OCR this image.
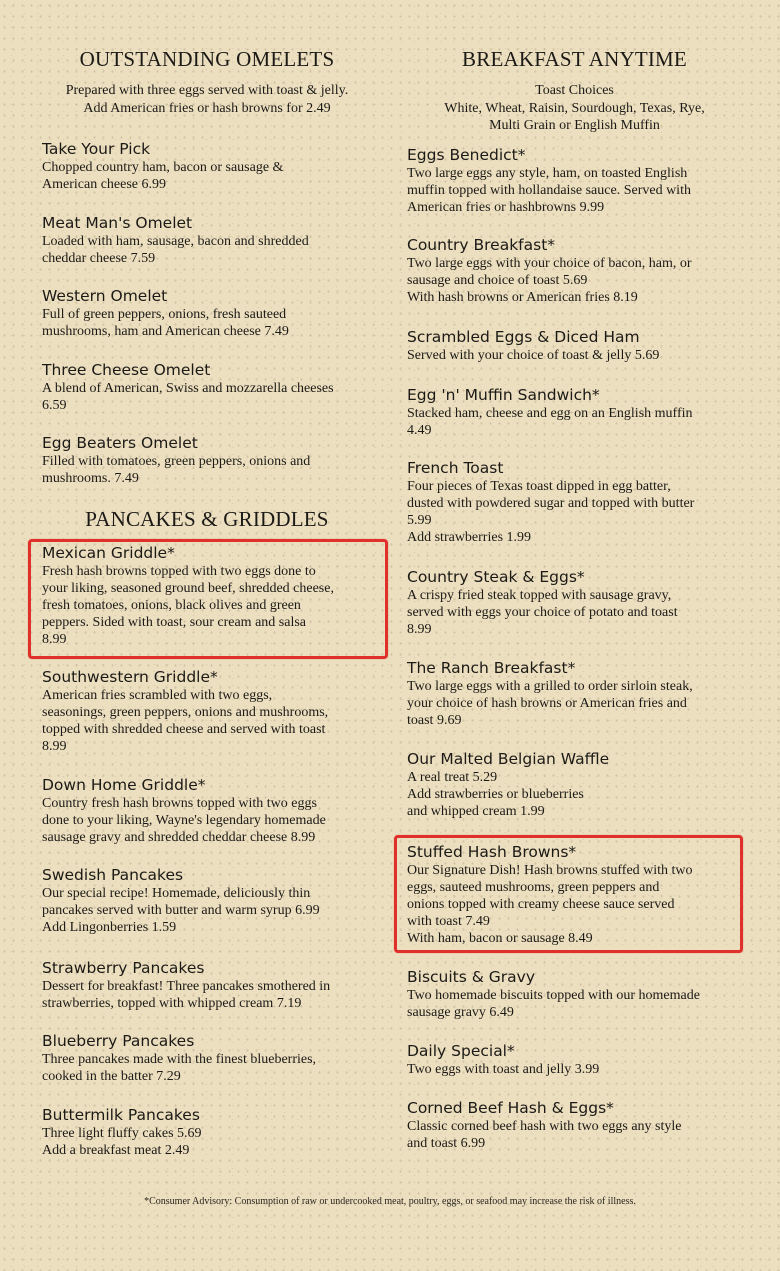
OUTSTANDING OMELETS
Prepared with three eggs served with toast & jelly.
Add American fries or hash browns for 2.49
Take Your Pick
Chopped country ham, bacon or sausage &
American cheese 6.99
Meat Man's Omelet
Loaded with ham, sausage, bacon and shredded
cheddar cheese 7.59
Western Omelet
Full of green peppers, onions, fresh sauteed
mushrooms, ham and American cheese 7.49
Three Cheese Omelet
A blend of American, Swiss and mozzarella cheeses
6.59
Egg Beaters Omelet
Filled with tomatoes, green peppers, onions and
mushrooms. 7.49
PANCAKES & GRIDDLES
Mexican Griddle*
Fresh hash browns topped with two eggs done to
your liking, seasoned ground beef, shredded cheese,
fresh tomatoes, onions, black olives and green
peppers. Sided with toast, sour cream and salsa
8.99
Southwestern Griddle*
American fries scrambled with two eggs,
seasonings, green peppers, onions and mushrooms,
topped with shredded cheese and served with toast
8.99
Down Home Griddle*
Country fresh hash browns topped with two eggs
done to your liking, Wayne's legendary homemade
sausage gravy and shredded cheddar cheese 8.99
Swedish Pancakes
Our special recipe! Homemade, deliciously thin
pancakes served with butter and warm syrup 6.99
Add Lingonberries 1.59
Strawberry Pancakes
Dessert for breakfast! Three pancakes smothered in
strawberries, topped with whipped cream 7.19
Blueberry Pancakes
Three pancakes made with the finest blueberries,
cooked in the batter 7.29
Buttermilk Pancakes
Three light fluffy cakes 5.69
Add a breakfast meat 2.49
BREAKFAST ANYTIME
Toast Choices
White, Wheat, Raisin, Sourdough, Texas, Rye,
Multi Grain or English Muffin
Eggs Benedict*
Two large eggs any style, ham, on toasted English
muffin topped with hollandaise sauce. Served with
American fries or hashbrowns 9.99
Country Breakfast*
Two large eggs with your choice of bacon, ham, or
sausage and choice of toast 5.69
With hash browns or American fries 8.19
Scrambled Eggs & Diced Ham
Served with your choice of toast & jelly 5.69
Egg 'n' Muffin Sandwich*
Stacked ham, cheese and egg on an English muffin
4.49
French Toast
Four pieces of Texas toast dipped in egg batter,
dusted with powdered sugar and topped with butter
5.99
Add strawberries 1.99
Country Steak & Eggs*
A crispy fried steak topped with sausage gravy,
served with eggs your choice of potato and toast
8.99
The Ranch Breakfast*
Two large eggs with a grilled to order sirloin steak,
your choice of hash browns or American fries and
toast 9.69
Our Malted Belgian Waffle
A real treat 5.29
Add strawberries or blueberries
and whipped cream 1.99
Stuffed Hash Browns*
Our Signature Dish! Hash browns stuffed with two
eggs, sauteed mushrooms, green peppers and
onions topped with creamy cheese sauce served
with toast 7.49
With ham, bacon or sausage 8.49
Biscuits & Gravy
Two homemade biscuits topped with our homemade
sausage gravy 6.49
Daily Special*
Two eggs with toast and jelly 3.99
Corned Beef Hash & Eggs*
Classic corned beef hash with two eggs any style
and toast 6.99
*Consumer Advisory: Consumption of raw or undercooked meat, poultry, eggs, or seafood may increase the risk of illness.
